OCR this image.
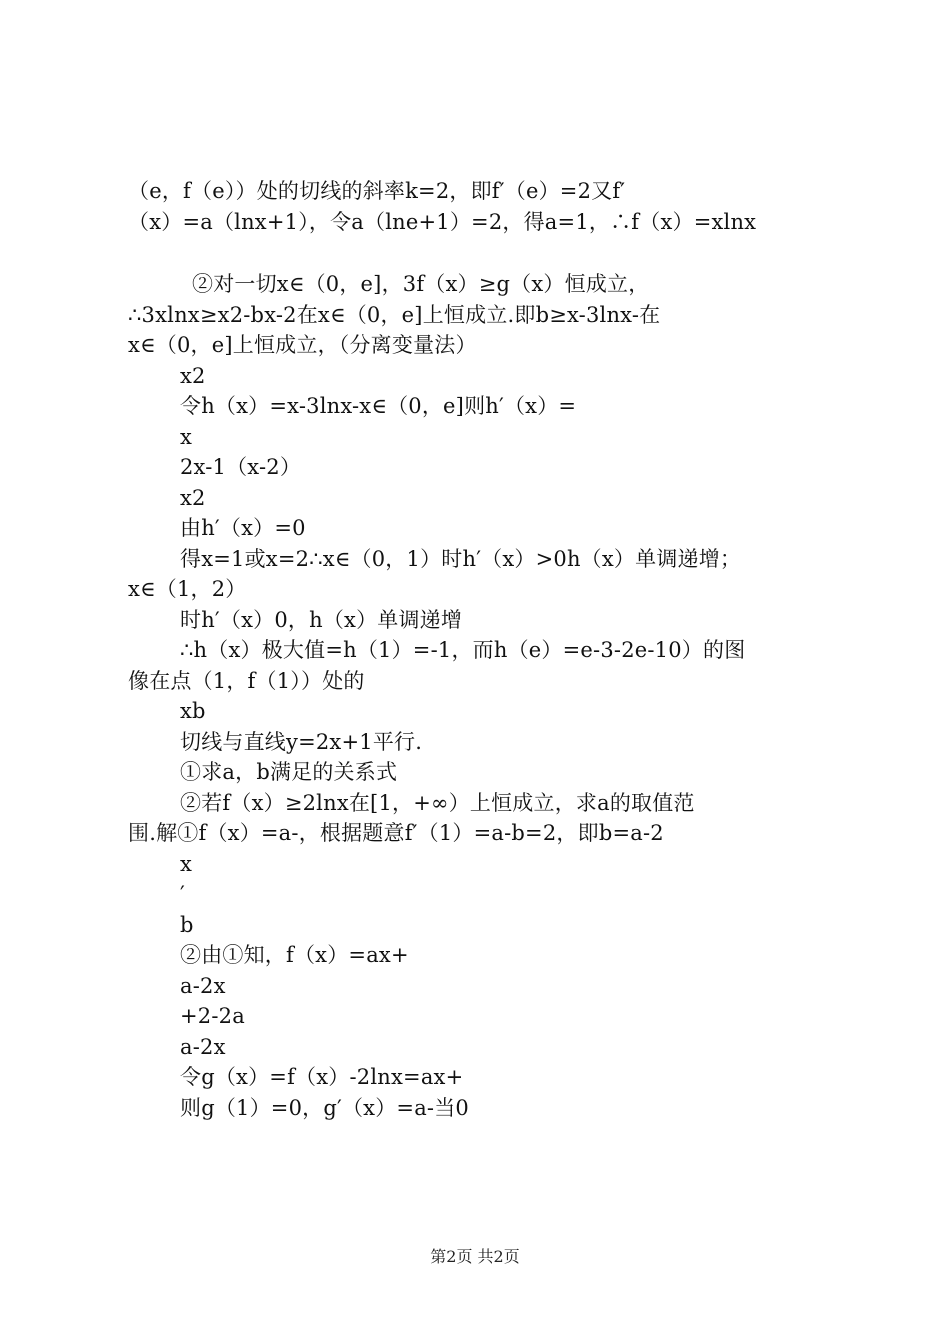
（e，f（e））处的切线的斜率k=2，即f′（e）=2又f′
（x）=a（lnx+1），令a（lne+1）=2，得a=1，∴f（x）=xlnx
②对一切x∈（0，e]，3f（x）≥g（x）恒成立，
∴3xlnx≥x2-bx-2在x∈（0，e]上恒成立.即b≥x-3lnx-在
x∈（0，e]上恒成立，（分离变量法）
x2
令h（x）=x-3lnx-x∈（0，e]则h′（x）=
x
2x-1（x-2）
x2
由h′（x）=0
得x=1或x=2∴x∈（0，1）时h′（x）>0h（x）单调递增；
x∈（1，2）
时h′（x）0，h（x）单调递增
∴h（x）极大值=h（1）=-1，而h（e）=e-3-2e-10）的图
像在点（1，f（1））处的
xb
切线与直线y=2x+1平行.
①求a，b满足的关系式
②若f（x）≥2lnx在[1，+∞）上恒成立，求a的取值范
围.解①f（x）=a-，根据题意f′（1）=a-b=2，即b=a-2
x
′
b
②由①知，f（x）=ax+
a-2x
+2-2a
a-2x
令g（x）=f（x）-2lnx=ax+
则g（1）=0，g′（x）=a-当0
第2页 共2页
